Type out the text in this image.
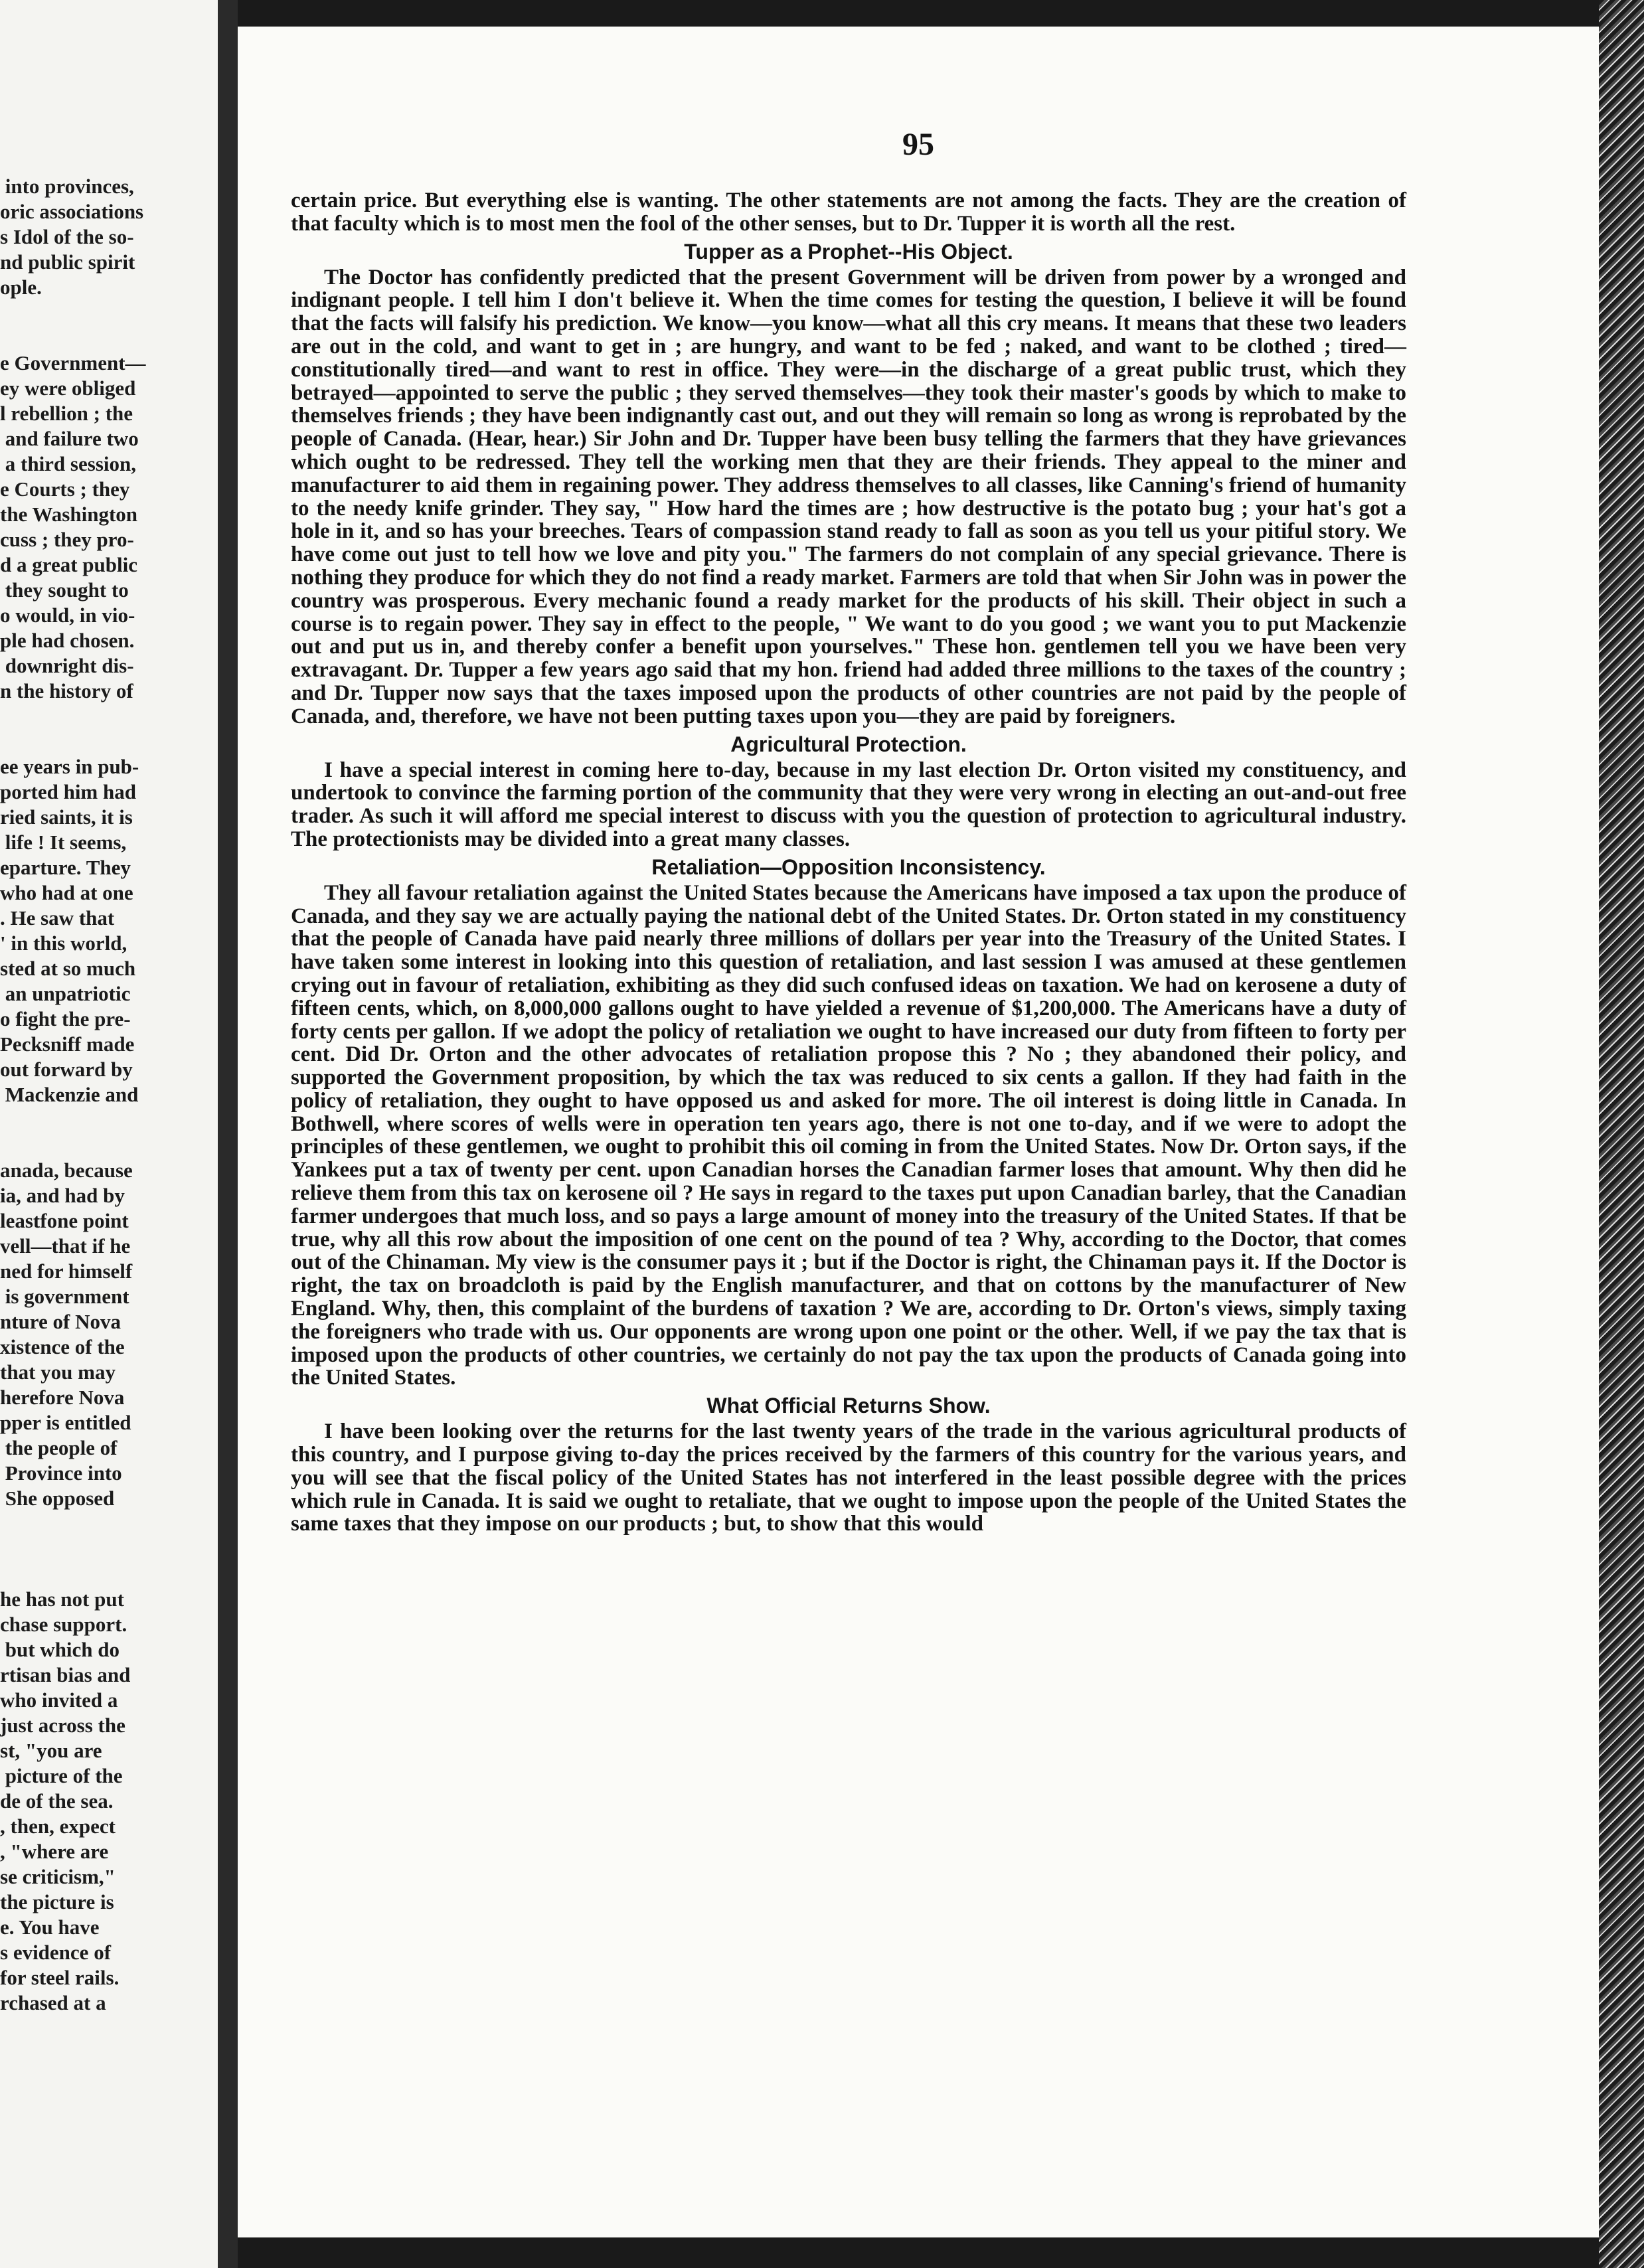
into provinces,
oric associations
s Idol of the so-
nd public spirit
ople.
e Government—
ey were obliged
l rebellion ; the
and failure two
a third session,
e Courts ; they
the Washington
cuss ; they pro-
d a great public
they sought to
o would, in vio-
ple had chosen.
downright dis-
n the history of
ee years in pub-
ported him had
ried saints, it is
life ! It seems,
eparture. They
who had at one
. He saw that
' in this world,
sted at so much
an unpatriotic
o fight the pre-
Pecksniff made
out forward by
Mackenzie and
anada, because
ia, and had by
leastfone point
vell—that if he
ned for himself
is government
nture of Nova
xistence of the
that you may
herefore Nova
pper is entitled
the people of
Province into
She opposed
he has not put
chase support.
but which do
rtisan bias and
who invited a
just across the
st, "you are
picture of the
de of the sea.
, then, expect
, "where are
se criticism,"
the picture is
e. You have
s evidence of
for steel rails.
rchased at a
95

certain price. But everything else is wanting. The other statements are not among the facts. They are the creation of that faculty which is to most men the fool of the other senses, but to Dr. Tupper it is worth all the rest.

Tupper as a Prophet--His Object.

The Doctor has confidently predicted that the present Government will be driven from power by a wronged and indignant people. I tell him I don't believe it. When the time comes for testing the question, I believe it will be found that the facts will falsify his prediction. We know—you know—what all this cry means. It means that these two leaders are out in the cold, and want to get in ; are hungry, and want to be fed ; naked, and want to be clothed ; tired—constitutionally tired—and want to rest in office. They were—in the discharge of a great public trust, which they betrayed—appointed to serve the public ; they served themselves—they took their master's goods by which to make to themselves friends ; they have been indignantly cast out, and out they will remain so long as wrong is reprobated by the people of Canada. (Hear, hear.) Sir John and Dr. Tupper have been busy telling the farmers that they have grievances which ought to be redressed. They tell the working men that they are their friends. They appeal to the miner and manufacturer to aid them in regaining power. They address themselves to all classes, like Canning's friend of humanity to the needy knife grinder. They say, " How hard the times are ; how destructive is the potato bug ; your hat's got a hole in it, and so has your breeches. Tears of compassion stand ready to fall as soon as you tell us your pitiful story. We have come out just to tell how we love and pity you." The farmers do not complain of any special grievance. There is nothing they produce for which they do not find a ready market. Farmers are told that when Sir John was in power the country was prosperous. Every mechanic found a ready market for the products of his skill. Their object in such a course is to regain power. They say in effect to the people, " We want to do you good ; we want you to put Mackenzie out and put us in, and thereby confer a benefit upon yourselves." These hon. gentlemen tell you we have been very extravagant. Dr. Tupper a few years ago said that my hon. friend had added three millions to the taxes of the country ; and Dr. Tupper now says that the taxes imposed upon the products of other countries are not paid by the people of Canada, and, therefore, we have not been putting taxes upon you—they are paid by foreigners.

Agricultural Protection.

I have a special interest in coming here to-day, because in my last election Dr. Orton visited my constituency, and undertook to convince the farming portion of the community that they were very wrong in electing an out-and-out free trader. As such it will afford me special interest to discuss with you the question of protection to agricultural industry. The protectionists may be divided into a great many classes.

Retaliation—Opposition Inconsistency.

They all favour retaliation against the United States because the Americans have imposed a tax upon the produce of Canada, and they say we are actually paying the national debt of the United States. Dr. Orton stated in my constituency that the people of Canada have paid nearly three millions of dollars per year into the Treasury of the United States. I have taken some interest in looking into this question of retaliation, and last session I was amused at these gentlemen crying out in favour of retaliation, exhibiting as they did such confused ideas on taxation. We had on kerosene a duty of fifteen cents, which, on 8,000,000 gallons ought to have yielded a revenue of $1,200,000. The Americans have a duty of forty cents per gallon. If we adopt the policy of retaliation we ought to have increased our duty from fifteen to forty per cent. Did Dr. Orton and the other advocates of retaliation propose this ? No ; they abandoned their policy, and supported the Government proposition, by which the tax was reduced to six cents a gallon. If they had faith in the policy of retaliation, they ought to have opposed us and asked for more. The oil interest is doing little in Canada. In Bothwell, where scores of wells were in operation ten years ago, there is not one to-day, and if we were to adopt the principles of these gentlemen, we ought to prohibit this oil coming in from the United States. Now Dr. Orton says, if the Yankees put a tax of twenty per cent. upon Canadian horses the Canadian farmer loses that amount. Why then did he relieve them from this tax on kerosene oil ? He says in regard to the taxes put upon Canadian barley, that the Canadian farmer undergoes that much loss, and so pays a large amount of money into the treasury of the United States. If that be true, why all this row about the imposition of one cent on the pound of tea ? Why, according to the Doctor, that comes out of the Chinaman. My view is the consumer pays it ; but if the Doctor is right, the Chinaman pays it. If the Doctor is right, the tax on broadcloth is paid by the English manufacturer, and that on cottons by the manufacturer of New England. Why, then, this complaint of the burdens of taxation ? We are, according to Dr. Orton's views, simply taxing the foreigners who trade with us. Our opponents are wrong upon one point or the other. Well, if we pay the tax that is imposed upon the products of other countries, we certainly do not pay the tax upon the products of Canada going into the United States.

What Official Returns Show.

I have been looking over the returns for the last twenty years of the trade in the various agricultural products of this country, and I purpose giving to-day the prices received by the farmers of this country for the various years, and you will see that the fiscal policy of the United States has not interfered in the least possible degree with the prices which rule in Canada. It is said we ought to retaliate, that we ought to impose upon the people of the United States the same taxes that they impose on our products ; but, to show that this would
